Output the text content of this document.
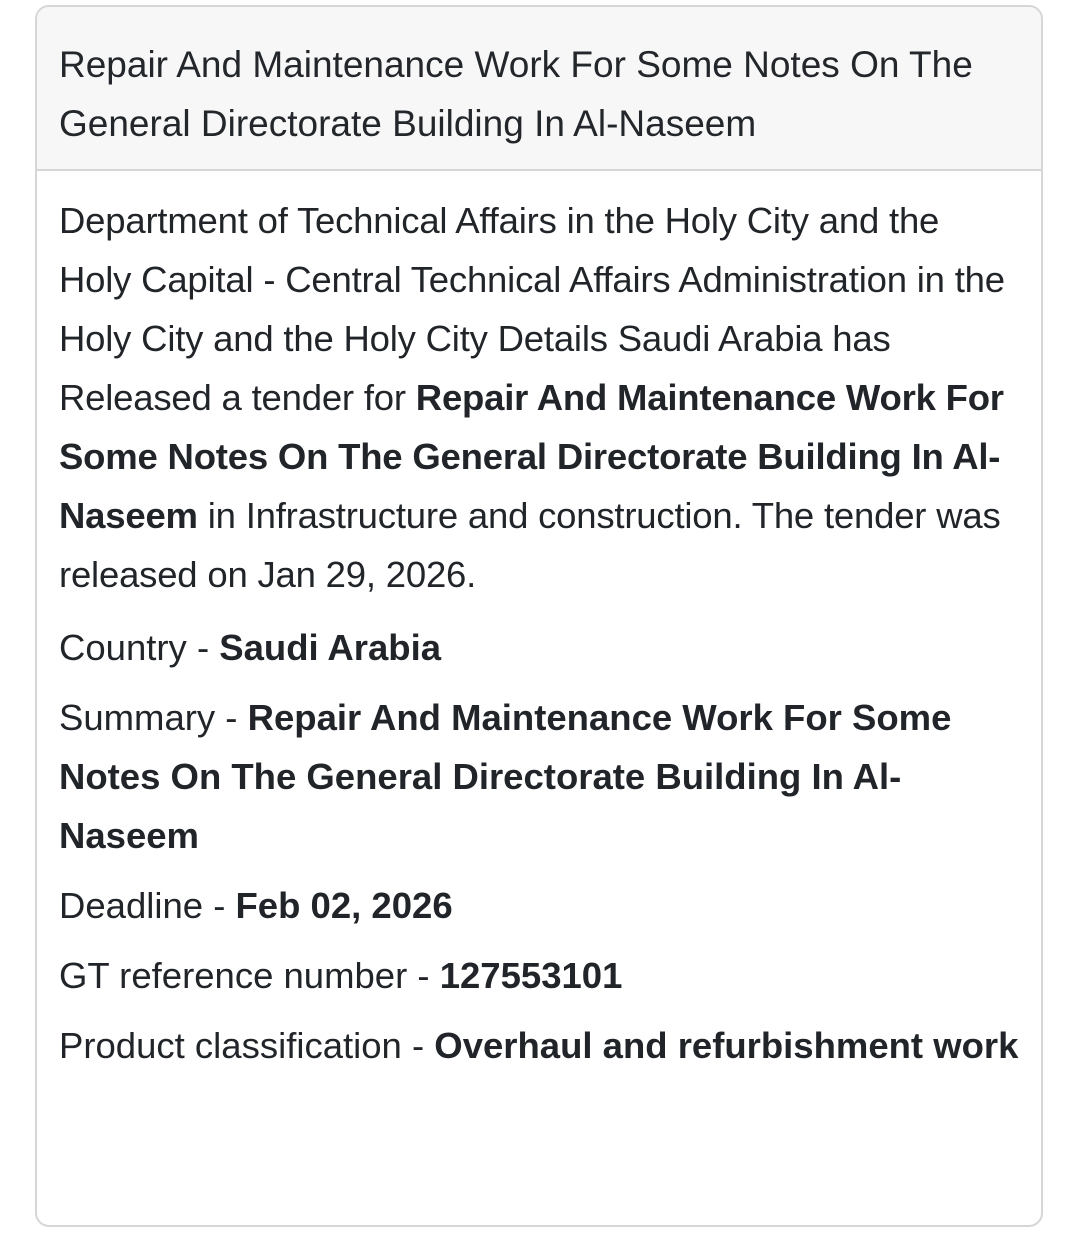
Repair And Maintenance Work For Some Notes On The General Directorate Building In Al-Naseem

Department of Technical Affairs in the Holy City and the Holy Capital - Central Technical Affairs Administration in the Holy City and the Holy City Details Saudi Arabia has Released a tender for Repair And Maintenance Work For Some Notes On The General Directorate Building In Al-Naseem in Infrastructure and construction. The tender was released on Jan 29, 2026.

Country - Saudi Arabia

Summary - Repair And Maintenance Work For Some Notes On The General Directorate Building In Al-Naseem

Deadline - Feb 02, 2026

GT reference number - 127553101

Product classification - Overhaul and refurbishment work
